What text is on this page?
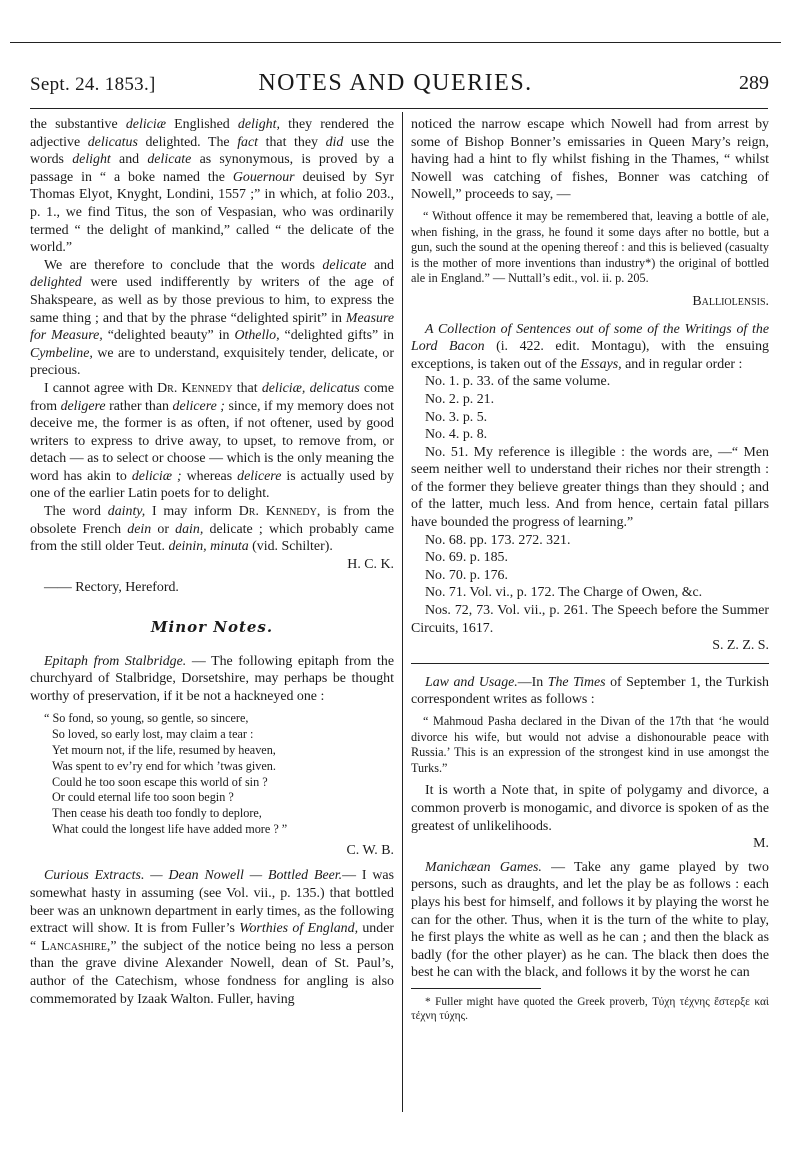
Sept. 24. 1853.]	NOTES AND QUERIES.	289

the substantive deliciæ Englished delight, they rendered the adjective delicatus delighted. The fact that they did use the words delight and delicate as synonymous, is proved by a passage in “ a boke named the Gouernour deuised by Syr Thomas Elyot, Knyght, Londini, 1557 ;” in which, at folio 203., p. 1., we find Titus, the son of Vespasian, who was ordinarily termed “ the delight of mankind,” called “ the delicate of the world.”

We are therefore to conclude that the words delicate and delighted were used indifferently by writers of the age of Shakspeare, as well as by those previous to him, to express the same thing ; and that by the phrase “delighted spirit” in Measure for Measure, “delighted beauty” in Othello, “delighted gifts” in Cymbeline, we are to understand, exquisitely tender, delicate, or precious.

I cannot agree with Dr. Kennedy that deliciæ, delicatus come from deligere rather than delicere ; since, if my memory does not deceive me, the former is as often, if not oftener, used by good writers to express to drive away, to upset, to remove from, or detach — as to select or choose — which is the only meaning the word has akin to deliciæ ; whereas delicere is actually used by one of the earlier Latin poets for to delight.

The word dainty, I may inform Dr. Kennedy, is from the obsolete French dein or dain, delicate ; which probably came from the still older Teut. deinin, minuta (vid. Schilter).

H. C. K.
—— Rectory, Hereford.
Minor Notes.

Epitaph from Stalbridge. — The following epitaph from the churchyard of Stalbridge, Dorsetshire, may perhaps be thought worthy of preservation, if it be not a hackneyed one :

“ So fond, so young, so gentle, so sincere,
So loved, so early lost, may claim a tear :
Yet mourn not, if the life, resumed by heaven,
Was spent to ev’ry end for which ’twas given.
Could he too soon escape this world of sin ?
Or could eternal life too soon begin ?
Then cease his death too fondly to deplore,
What could the longest life have added more ? ”
C. W. B.

Curious Extracts. — Dean Nowell — Bottled Beer.— I was somewhat hasty in assuming (see Vol. vii., p. 135.) that bottled beer was an unknown department in early times, as the following extract will show. It is from Fuller’s Worthies of England, under “ Lancashire,” the subject of the notice being no less a person than the grave divine Alexander Nowell, dean of St. Paul’s, author of the Catechism, whose fondness for angling is also commemorated by Izaak Walton. Fuller, having

noticed the narrow escape which Nowell had from arrest by some of Bishop Bonner’s emissaries in Queen Mary’s reign, having had a hint to fly whilst fishing in the Thames, “ whilst Nowell was catching of fishes, Bonner was catching of Nowell,” proceeds to say, —

“ Without offence it may be remembered that, leaving a bottle of ale, when fishing, in the grass, he found it some days after no bottle, but a gun, such the sound at the opening thereof : and this is believed (casualty is the mother of more inventions than industry*) the original of bottled ale in England.” — Nuttall’s edit., vol. ii. p. 205.

Balliolensis.

A Collection of Sentences out of some of the Writings of the Lord Bacon (i. 422. edit. Montagu), with the ensuing exceptions, is taken out of the Essays, and in regular order :

No. 1. p. 33. of the same volume.

No. 2. p. 21.

No. 3. p. 5.

No. 4. p. 8.

No. 51. My reference is illegible : the words are, —“ Men seem neither well to understand their riches nor their strength : of the former they believe greater things than they should ; and of the latter, much less. And from hence, certain fatal pillars have bounded the progress of learning.”

No. 68. pp. 173. 272. 321.

No. 69. p. 185.

No. 70. p. 176.

No. 71. Vol. vi., p. 172. The Charge of Owen, &c.

Nos. 72, 73. Vol. vii., p. 261. The Speech before the Summer Circuits, 1617.

S. Z. Z. S.

Law and Usage.—In The Times of September 1, the Turkish correspondent writes as follows :

“ Mahmoud Pasha declared in the Divan of the 17th that ‘he would divorce his wife, but would not advise a dishonourable peace with Russia.’ This is an expression of the strongest kind in use amongst the Turks.”

It is worth a Note that, in spite of polygamy and divorce, a common proverb is monogamic, and divorce is spoken of as the greatest of unlikelihoods.

M.

Manichæan Games. — Take any game played by two persons, such as draughts, and let the play be as follows : each plays his best for himself, and follows it by playing the worst he can for the other. Thus, when it is the turn of the white to play, he first plays the white as well as he can ; and then the black as badly (for the other player) as he can. The black then does the best he can with the black, and follows it by the worst he can

* Fuller might have quoted the Greek proverb, Τύχη τέχνης ἔστερξε καὶ τέχνη τύχης.
